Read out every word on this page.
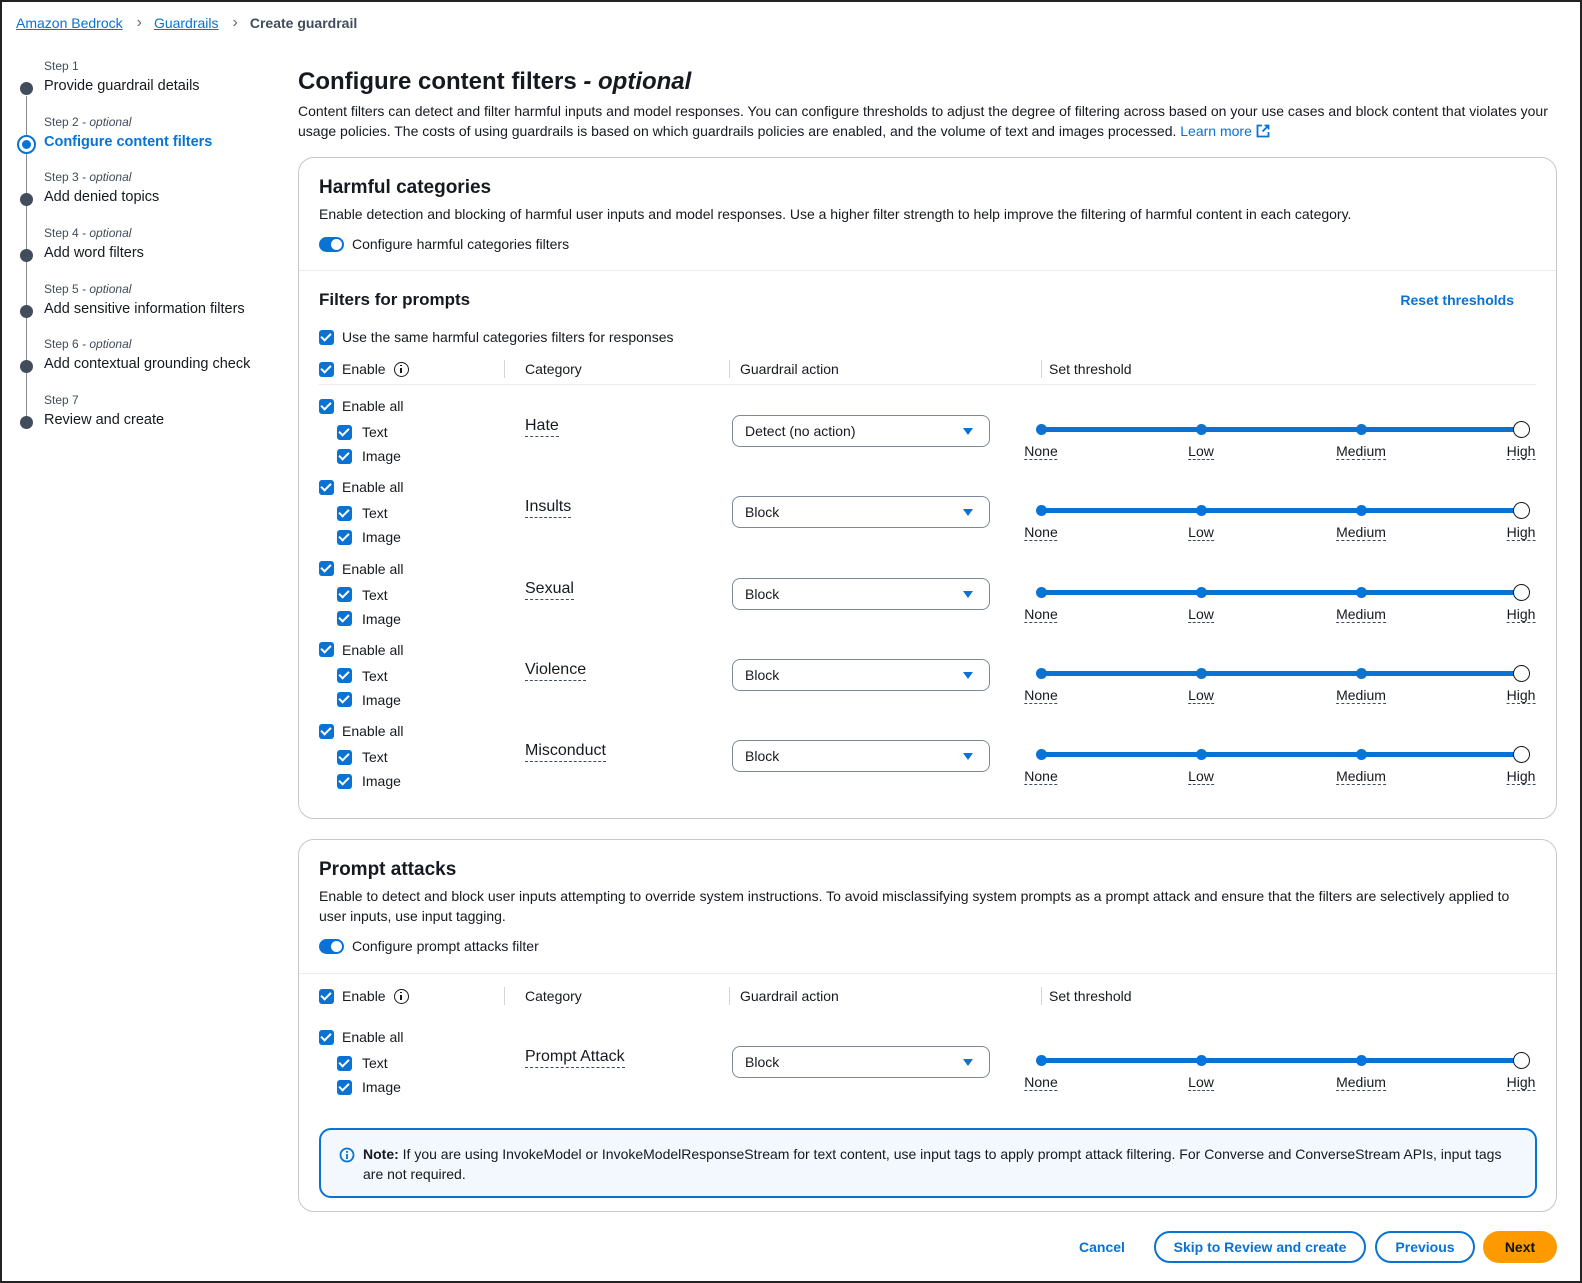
Amazon Bedrock › Guardrails › Create guardrail
Step 1
Provide guardrail details
Step 2 - optional
Configure content filters
Step 3 - optional
Add denied topics
Step 4 - optional
Add word filters
Step 5 - optional
Add sensitive information filters
Step 6 - optional
Add contextual grounding check
Step 7
Review and create
Configure content filters - optional
Content filters can detect and filter harmful inputs and model responses. You can configure thresholds to adjust the degree of filtering across based on your use cases and block content that violates your usage policies. The costs of using guardrails is based on which guardrails policies are enabled, and the volume of text and images processed. Learn more
Harmful categories
Enable detection and blocking of harmful user inputs and model responses. Use a higher filter strength to help improve the filtering of harmful content in each category.
Configure harmful categories filters
Filters for prompts	Reset thresholds
Use the same harmful categories filters for responses
Enable	Category	Guardrail action	Set threshold
Enable all
Text
Image
Hate	Detect (no action)
None	Low	Medium	High
Enable all
Text
Image
Insults	Block
None	Low	Medium	High
Enable all
Text
Image
Sexual	Block
None	Low	Medium	High
Enable all
Text
Image
Violence	Block
None	Low	Medium	High
Enable all
Text
Image
Misconduct	Block
None	Low	Medium	High
Prompt attacks
Enable to detect and block user inputs attempting to override system instructions. To avoid misclassifying system prompts as a prompt attack and ensure that the filters are selectively applied to user inputs, use input tagging.
Configure prompt attacks filter
Enable	Category	Guardrail action	Set threshold
Enable all
Text
Image
Prompt Attack	Block
None	Low	Medium	High
Note: If you are using InvokeModel or InvokeModelResponseStream for text content, use input tags to apply prompt attack filtering. For Converse and ConverseStream APIs, input tags are not required.
Cancel	Skip to Review and create	Previous	Next
